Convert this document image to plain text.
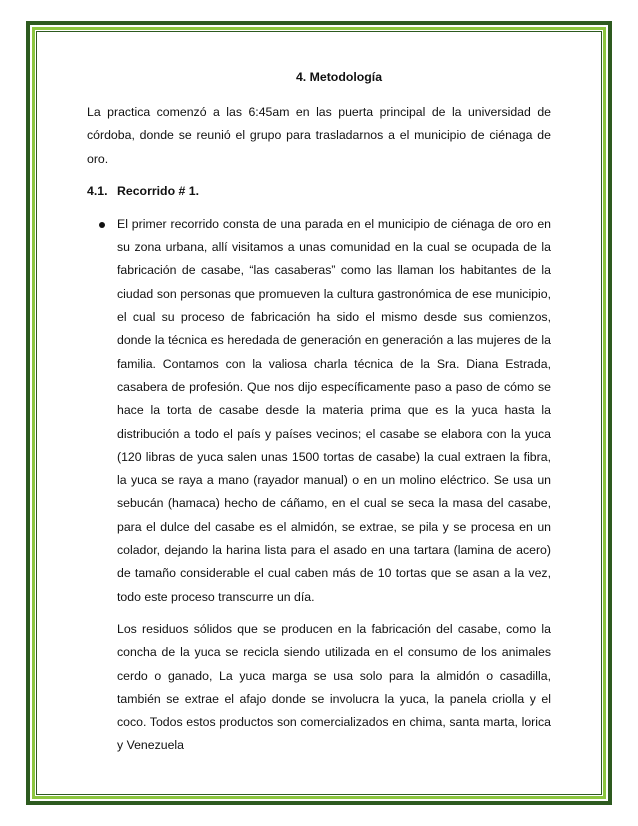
4. Metodología

La practica comenzó a las 6:45am en las puerta principal de la universidad de córdoba, donde se reunió el grupo para trasladarnos a el municipio de ciénaga de oro.

4.1. Recorrido # 1.

El primer recorrido consta de una parada en el municipio de ciénaga de oro en su zona urbana, allí visitamos a unas comunidad en la cual se ocupada de la fabricación de casabe, “las casaberas” como las llaman los habitantes de la ciudad son personas que promueven la cultura gastronómica de ese municipio, el cual su proceso de fabricación ha sido el mismo desde sus comienzos, donde la técnica es heredada de generación en generación a las mujeres de la familia. Contamos con la valiosa charla técnica de la Sra. Diana Estrada, casabera de profesión. Que nos dijo específicamente paso a paso de cómo se hace la torta de casabe desde la materia prima que es la yuca hasta la distribución a todo el país y países vecinos; el casabe se elabora con la yuca (120 libras de yuca salen unas 1500 tortas de casabe) la cual extraen la fibra, la yuca se raya a mano (rayador manual) o en un molino eléctrico. Se usa un sebucán (hamaca) hecho de cáñamo, en el cual se seca la masa del casabe, para el dulce del casabe es el almidón, se extrae, se pila y se procesa en un colador, dejando la harina lista para el asado en una tartara (lamina de acero) de tamaño considerable el cual caben más de 10 tortas que se asan a la vez, todo este proceso transcurre un día.

Los residuos sólidos que se producen en la fabricación del casabe, como la concha de la yuca se recicla siendo utilizada en el consumo de los animales cerdo o ganado, La yuca marga se usa solo para la almidón o casadilla, también se extrae el afajo donde se involucra la yuca, la panela criolla y el coco. Todos estos productos son comercializados en chima, santa marta, lorica y Venezuela
